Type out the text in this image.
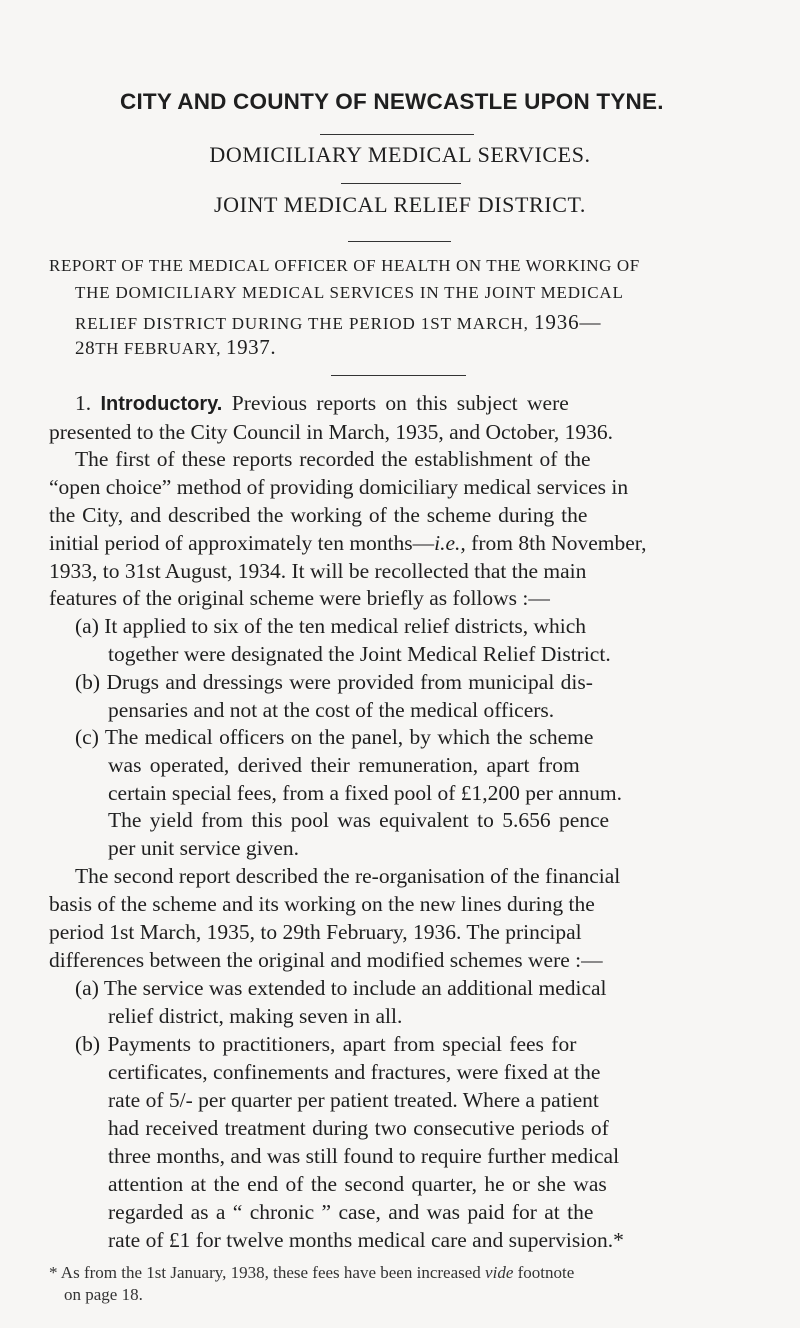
CITY AND COUNTY OF NEWCASTLE UPON TYNE.
DOMICILIARY MEDICAL SERVICES.
JOINT MEDICAL RELIEF DISTRICT.
REPORT OF THE MEDICAL OFFICER OF HEALTH ON THE WORKING OF
THE DOMICILIARY MEDICAL SERVICES IN THE JOINT MEDICAL
RELIEF DISTRICT DURING THE PERIOD 1ST MARCH, 1936—
28TH FEBRUARY, 1937.
1. Introductory. Previous reports on this subject were
presented to the City Council in March, 1935, and October, 1936.
The first of these reports recorded the establishment of the
“open choice” method of providing domiciliary medical services in
the City, and described the working of the scheme during the
initial period of approximately ten months—i.e., from 8th November,
1933, to 31st August, 1934. It will be recollected that the main
features of the original scheme were briefly as follows :—
(a) It applied to six of the ten medical relief districts, which
together were designated the Joint Medical Relief District.
(b) Drugs and dressings were provided from municipal dis-
pensaries and not at the cost of the medical officers.
(c) The medical officers on the panel, by which the scheme
was operated, derived their remuneration, apart from
certain special fees, from a fixed pool of £1,200 per annum.
The yield from this pool was equivalent to 5.656 pence
per unit service given.
The second report described the re-organisation of the financial
basis of the scheme and its working on the new lines during the
period 1st March, 1935, to 29th February, 1936. The principal
differences between the original and modified schemes were :—
(a) The service was extended to include an additional medical
relief district, making seven in all.
(b) Payments to practitioners, apart from special fees for
certificates, confinements and fractures, were fixed at the
rate of 5/- per quarter per patient treated. Where a patient
had received treatment during two consecutive periods of
three months, and was still found to require further medical
attention at the end of the second quarter, he or she was
regarded as a “ chronic ” case, and was paid for at the
rate of £1 for twelve months medical care and supervision.*
* As from the 1st January, 1938, these fees have been increased vide footnote
on page 18.
